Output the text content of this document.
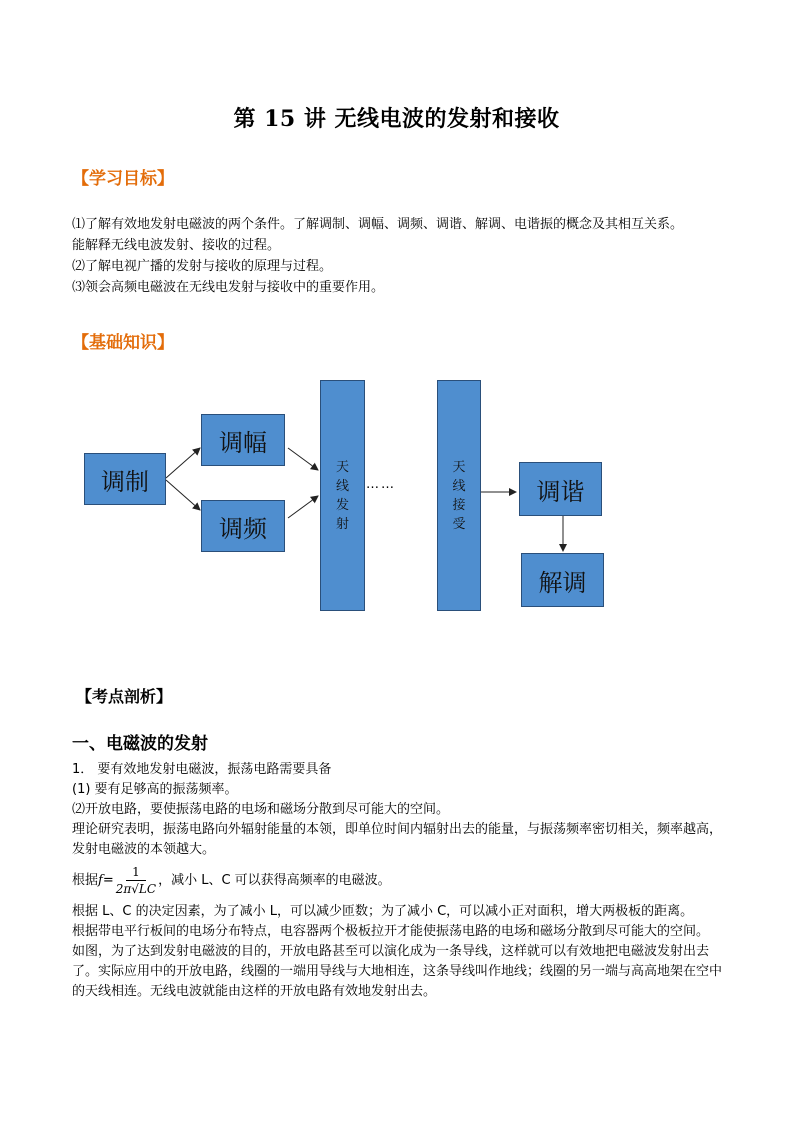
第 15 讲 无线电波的发射和接收
【学习目标】

⑴了解有效地发射电磁波的两个条件。了解调制、调幅、调频、调谐、解调、电谐振的概念及其相互关系。

能解释无线电波发射、接收的过程。

⑵了解电视广播的发射与接收的原理与过程。

⑶领会高频电磁波在无线电发射与接收中的重要作用。

【基础知识】
调制
调幅
调频
天线发射
……
天线接受
调谐
解调
【考点剖析】
一、电磁波的发射

1． 要有效地发射电磁波，振荡电路需要具备

(1) 要有足够高的振荡频率。

⑵开放电路，要使振荡电路的电场和磁场分散到尽可能大的空间。

理论研究表明，振荡电路向外辐射能量的本领，即单位时间内辐射出去的能量，与振荡频率密切相关，频率越高，发射电磁波的本领越大。

根据$f= \frac{1}{2\pi√LC}$ ，减小 L、C 可以获得高频率的电磁波。

根据 L、C 的决定因素，为了减小 L，可以减少匝数；为了减小 C，可以减小正对面积，增大两极板的距离。

根据带电平行板间的电场分布特点，电容器两个极板拉开才能使振荡电路的电场和磁场分散到尽可能大的空间。

如图，为了达到发射电磁波的目的，开放电路甚至可以演化成为一条导线，这样就可以有效地把电磁波发射出去了。实际应用中的开放电路，线圈的一端用导线与大地相连，这条导线叫作地线；线圈的另一端与高高地架在空中的天线相连。无线电波就能由这样的开放电路有效地发射出去。
